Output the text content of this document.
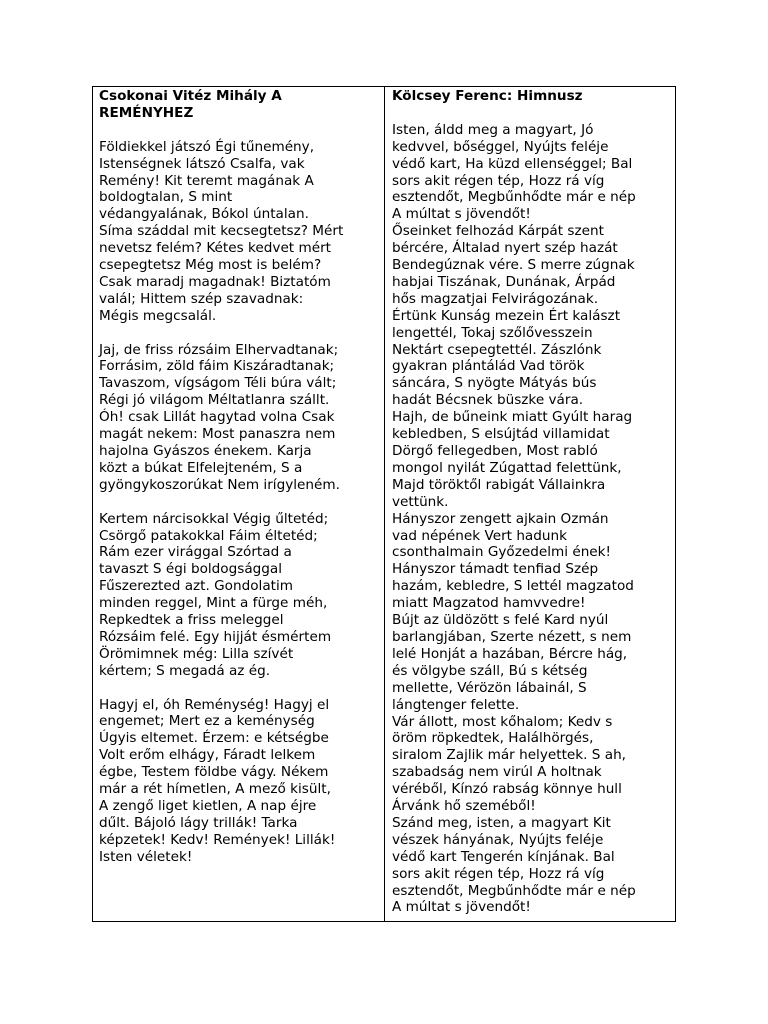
Csokonai Vitéz Mihály A
REMÉNYHEZ
Földiekkel játszó Égi tűnemény,
Istenségnek látszó Csalfa, vak
Remény! Kit teremt magának A
boldogtalan, S mint
védangyalának, Bókol úntalan.
Síma száddal mit kecsegtetsz? Mért
nevetsz felém? Kétes kedvet mért
csepegtetsz Még most is belém?
Csak maradj magadnak! Biztatóm
valál; Hittem szép szavadnak:
Mégis megcsalál.
Jaj, de friss rózsáim Elhervadtanak;
Forrásim, zöld fáim Kiszáradtanak;
Tavaszom, vígságom Téli búra vált;
Régi jó világom Méltatlanra szállt.
Óh! csak Lillát hagytad volna Csak
magát nekem: Most panaszra nem
hajolna Gyászos énekem. Karja
közt a búkat Elfelejteném, S a
gyöngykoszorúkat Nem irígyleném.
Kertem nárcisokkal Végig űltetéd;
Csörgő patakokkal Fáim éltetéd;
Rám ezer virággal Szórtad a
tavaszt S égi boldogsággal
Fűszerezted azt. Gondolatim
minden reggel, Mint a fürge méh,
Repkedtek a friss meleggel
Rózsáim felé. Egy hijját ésmértem
Örömimnek még: Lilla szívét
kértem; S megadá az ég.
Hagyj el, óh Reménység! Hagyj el
engemet; Mert ez a keménység
Úgyis eltemet. Érzem: e kétségbe
Volt erőm elhágy, Fáradt lelkem
égbe, Testem földbe vágy. Nékem
már a rét hímetlen, A mező kisült,
A zengő liget kietlen, A nap éjre
dűlt. Bájoló lágy trillák! Tarka
képzetek! Kedv! Remények! Lillák!
Isten véletek!
Kölcsey Ferenc: Himnusz
Isten, áldd meg a magyart, Jó
kedvvel, bőséggel, Nyújts feléje
védő kart, Ha küzd ellenséggel; Bal
sors akit régen tép, Hozz rá víg
esztendőt, Megbűnhődte már e nép
A múltat s jövendőt!
Őseinket felhozád Kárpát szent
bércére, Általad nyert szép hazát
Bendegúznak vére. S merre zúgnak
habjai Tiszának, Dunának, Árpád
hős magzatjai Felvirágozának.
Értünk Kunság mezein Ért kalászt
lengettél, Tokaj szőlővesszein
Nektárt csepegtettél. Zászlónk
gyakran plántálád Vad török
sáncára, S nyögte Mátyás bús
hadát Bécsnek büszke vára.
Hajh, de bűneink miatt Gyúlt harag
kebledben, S elsújtád villamidat
Dörgő fellegedben, Most rabló
mongol nyilát Zúgattad felettünk,
Majd töröktől rabigát Vállainkra
vettünk.
Hányszor zengett ajkain Ozmán
vad népének Vert hadunk
csonthalmain Győzedelmi ének!
Hányszor támadt tenfiad Szép
hazám, kebledre, S lettél magzatod
miatt Magzatod hamvvedre!
Bújt az üldözött s felé Kard nyúl
barlangjában, Szerte nézett, s nem
lelé Honját a hazában, Bércre hág,
és völgybe száll, Bú s kétség
mellette, Vérözön lábainál, S
lángtenger felette.
Vár állott, most kőhalom; Kedv s
öröm röpkedtek, Halálhörgés,
siralom Zajlik már helyettek. S ah,
szabadság nem virúl A holtnak
véréből, Kínzó rabság könnye hull
Árvánk hő szeméből!
Szánd meg, isten, a magyart Kit
vészek hányának, Nyújts feléje
védő kart Tengerén kínjának. Bal
sors akit régen tép, Hozz rá víg
esztendőt, Megbűnhődte már e nép
A múltat s jövendőt!
